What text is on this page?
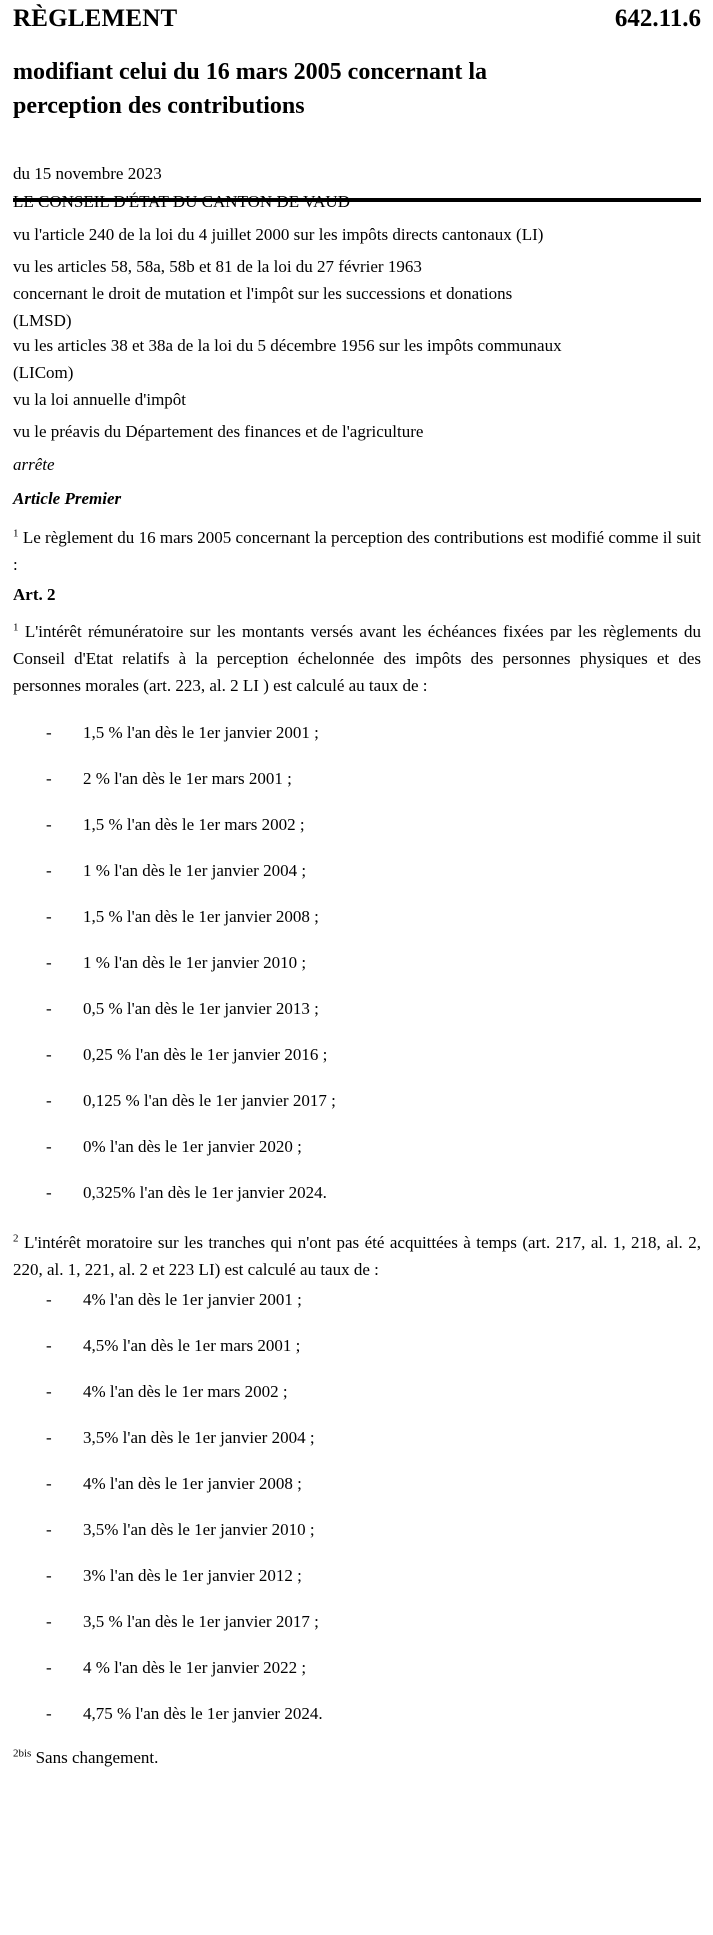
RÈGLEMENT	642.11.6
modifiant celui du 16 mars 2005 concernant la
perception des contributions
du 15 novembre 2023
LE CONSEIL D'ÉTAT DU CANTON DE VAUD
vu l'article 240 de la loi du 4 juillet 2000 sur les impôts directs cantonaux (LI)
vu les articles 58, 58a, 58b et 81 de la loi du 27 février 1963
concernant le droit de mutation et l'impôt sur les successions et donations
(LMSD)
vu les articles 38 et 38a de la loi du 5 décembre 1956 sur les impôts communaux
(LICom)
vu la loi annuelle d'impôt
vu le préavis du Département des finances et de l'agriculture
arrête
Article Premier
$^1$ Le règlement du 16 mars 2005 concernant la perception des contributions est modifié comme il suit :
Art. 2
$^1$ L'intérêt rémunératoire sur les montants versés avant les échéances fixées par les règlements du Conseil d'Etat relatifs à la perception échelonnée des impôts des personnes physiques et des personnes morales (art. 223, al. 2 LI ) est calculé au taux de :
- 1,5 % l'an dès le 1er janvier 2001 ;
- 2 % l'an dès le 1er mars 2001 ;
- 1,5 % l'an dès le 1er mars 2002 ;
- 1 % l'an dès le 1er janvier 2004 ;
- 1,5 % l'an dès le 1er janvier 2008 ;
- 1 % l'an dès le 1er janvier 2010 ;
- 0,5 % l'an dès le 1er janvier 2013 ;
- 0,25 % l'an dès le 1er janvier 2016 ;
- 0,125 % l'an dès le 1er janvier 2017 ;
- 0% l'an dès le 1er janvier 2020 ;
- 0,325% l'an dès le 1er janvier 2024.
$^2$ L'intérêt moratoire sur les tranches qui n'ont pas été acquittées à temps (art. 217, al. 1, 218, al. 2, 220, al. 1, 221, al. 2 et 223 LI) est calculé au taux de :
- 4% l'an dès le 1er janvier 2001 ;
- 4,5% l'an dès le 1er mars 2001 ;
- 4% l'an dès le 1er mars 2002 ;
- 3,5% l'an dès le 1er janvier 2004 ;
- 4% l'an dès le 1er janvier 2008 ;
- 3,5% l'an dès le 1er janvier 2010 ;
- 3% l'an dès le 1er janvier 2012 ;
- 3,5 % l'an dès le 1er janvier 2017 ;
- 4 % l'an dès le 1er janvier 2022 ;
- 4,75 % l'an dès le 1er janvier 2024.
$^{2bis}$ Sans changement.
